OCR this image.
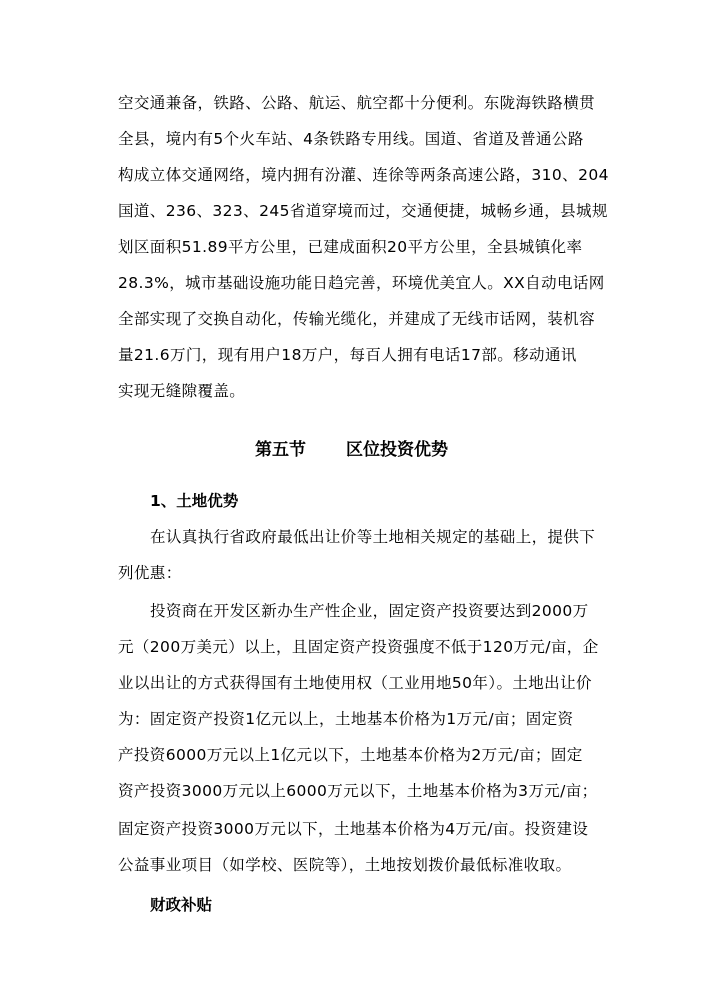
空交通兼备，铁路、公路、航运、航空都十分便利。东陇海铁路横贯
全县，境内有5个火车站、4条铁路专用线。国道、省道及普通公路
构成立体交通网络，境内拥有汾灌、连徐等两条高速公路，310、204
国道、236、323、245省道穿境而过，交通便捷，城畅乡通，县城规
划区面积51.89平方公里，已建成面积20平方公里，全县城镇化率
28.3%，城市基础设施功能日趋完善，环境优美宜人。XX自动电话网
全部实现了交换自动化，传输光缆化，并建成了无线市话网，装机容
量21.6万门，现有用户18万户，每百人拥有电话17部。移动通讯
实现无缝隙覆盖。
第五节 区位投资优势
1、土地优势
在认真执行省政府最低出让价等土地相关规定的基础上，提供下
列优惠：
投资商在开发区新办生产性企业，固定资产投资要达到2000万
元（200万美元）以上，且固定资产投资强度不低于120万元/亩，企
业以出让的方式获得国有土地使用权（工业用地50年）。土地出让价
为：固定资产投资1亿元以上，土地基本价格为1万元/亩；固定资
产投资6000万元以上1亿元以下，土地基本价格为2万元/亩；固定
资产投资3000万元以上6000万元以下，土地基本价格为3万元/亩；
固定资产投资3000万元以下，土地基本价格为4万元/亩。投资建设
公益事业项目（如学校、医院等），土地按划拨价最低标准收取。
财政补贴
